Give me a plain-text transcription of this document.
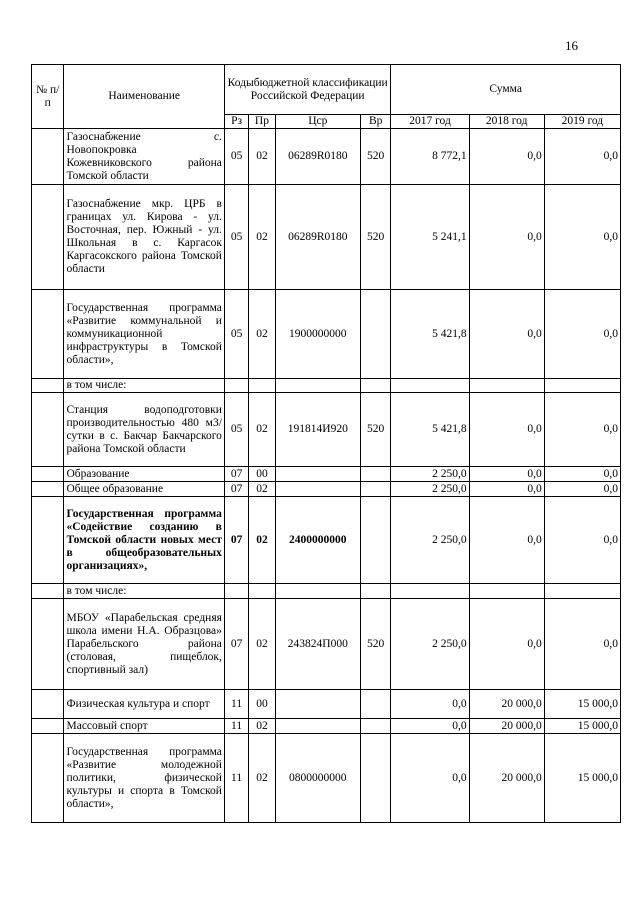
16
№ п/п	Наименование	Кодыбюджетной классификации Российской Федерации				Сумма		
		Рз	Пр	Цср	Вр	2017 год	2018 год	2019 год
	Газоснабжение с. Новопокровка Кожевниковского района Томской области	05	02	06289R0180	520	8 772,1	0,0	0,0
	Газоснабжение мкр. ЦРБ в границах ул. Кирова - ул. Восточная, пер. Южный - ул. Школьная в с. Каргасок Каргасокского района Томской области	05	02	06289R0180	520	5 241,1	0,0	0,0
	Государственная программа «Развитие коммунальной и коммуникационной инфраструктуры в Томской области»,	05	02	1900000000		5 421,8	0,0	0,0
	в том числе:							
	Станция водоподготовки производительностью 480 м3/сутки в с. Бакчар Бакчарского района Томской области	05	02	191814И920	520	5 421,8	0,0	0,0
	Образование	07	00			2 250,0	0,0	0,0
	Общее образование	07	02			2 250,0	0,0	0,0
	Государственная программа «Содействие созданию в Томской области новых мест в общеобразовательных организациях»,	07	02	2400000000		2 250,0	0,0	0,0
	в том числе:							
	МБОУ «Парабельская средняя школа имени Н.А. Образцова» Парабельского района (столовая, пищеблок, спортивный зал)	07	02	243824П000	520	2 250,0	0,0	0,0
	Физическая культура и спорт	11	00			0,0	20 000,0	15 000,0
	Массовый спорт	11	02			0,0	20 000,0	15 000,0
	Государственная программа «Развитие молодежной политики, физической культуры и спорта в Томской области»,	11	02	0800000000		0,0	20 000,0	15 000,0
